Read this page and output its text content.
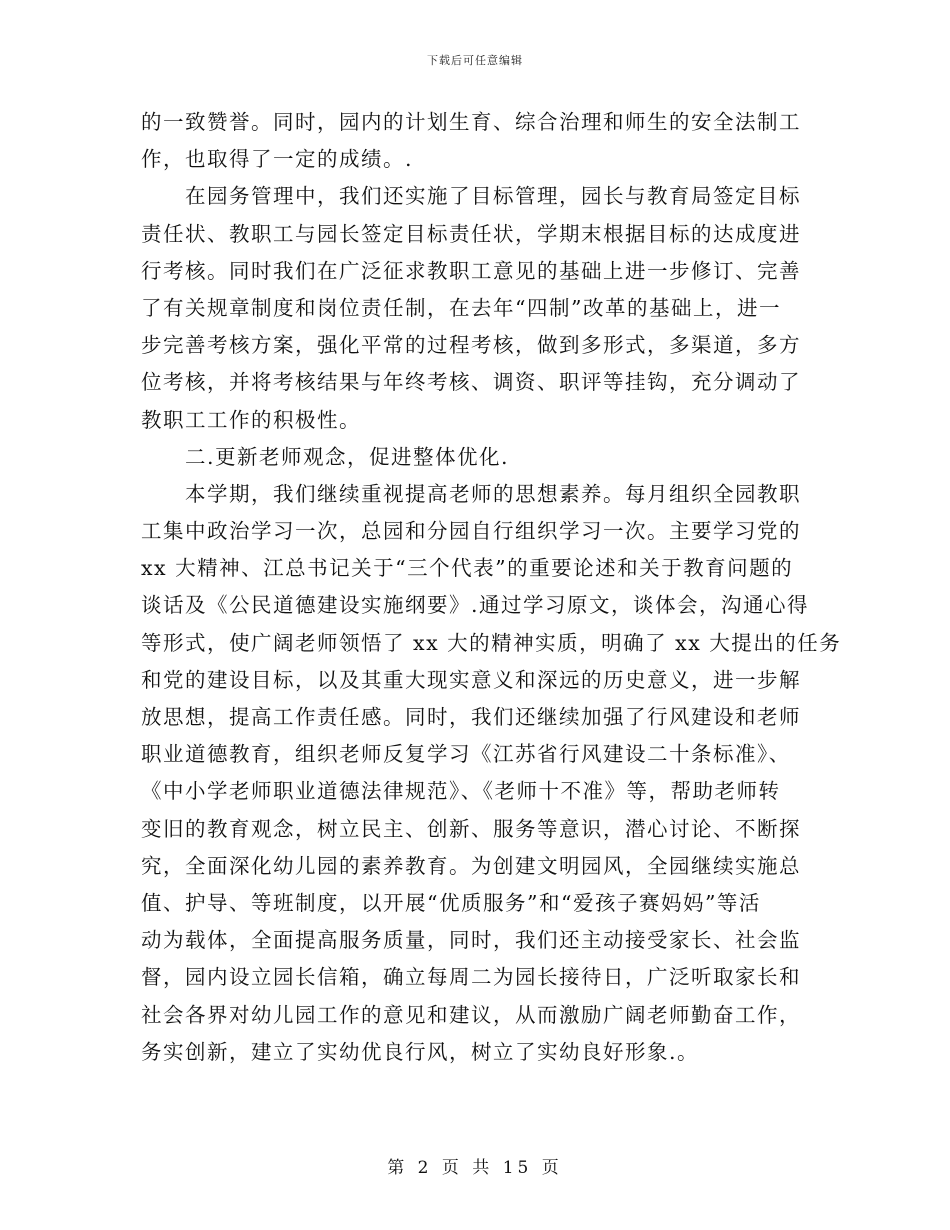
下载后可任意编辑
的一致赞誉。同时，园内的计划生育、综合治理和师生的安全法制工
作，也取得了一定的成绩。.
在园务管理中，我们还实施了目标管理，园长与教育局签定目标
责任状、教职工与园长签定目标责任状，学期末根据目标的达成度进
行考核。同时我们在广泛征求教职工意见的基础上进一步修订、完善
了有关规章制度和岗位责任制，在去年“四制”改革的基础上，进一
步完善考核方案，强化平常的过程考核，做到多形式，多渠道，多方
位考核，并将考核结果与年终考核、调资、职评等挂钩，充分调动了
教职工工作的积极性。
二.更新老师观念，促进整体优化.
本学期，我们继续重视提高老师的思想素养。每月组织全园教职
工集中政治学习一次，总园和分园自行组织学习一次。主要学习党的
xx 大精神、江总书记关于“三个代表”的重要论述和关于教育问题的
谈话及《公民道德建设实施纲要》.通过学习原文，谈体会，沟通心得
等形式，使广阔老师领悟了 xx 大的精神实质，明确了 xx 大提出的任务
和党的建设目标，以及其重大现实意义和深远的历史意义，进一步解
放思想，提高工作责任感。同时，我们还继续加强了行风建设和老师
职业道德教育，组织老师反复学习《江苏省行风建设二十条标准》、
《中小学老师职业道德法律规范》、《老师十不准》等，帮助老师转
变旧的教育观念，树立民主、创新、服务等意识，潜心讨论、不断探
究，全面深化幼儿园的素养教育。为创建文明园风，全园继续实施总
值、护导、等班制度，以开展“优质服务”和“爱孩子赛妈妈”等活
动为载体，全面提高服务质量，同时，我们还主动接受家长、社会监
督，园内设立园长信箱，确立每周二为园长接待日，广泛听取家长和
社会各界对幼儿园工作的意见和建议，从而激励广阔老师勤奋工作，
务实创新，建立了实幼优良行风，树立了实幼良好形象.。
第 2 页 共 15 页
